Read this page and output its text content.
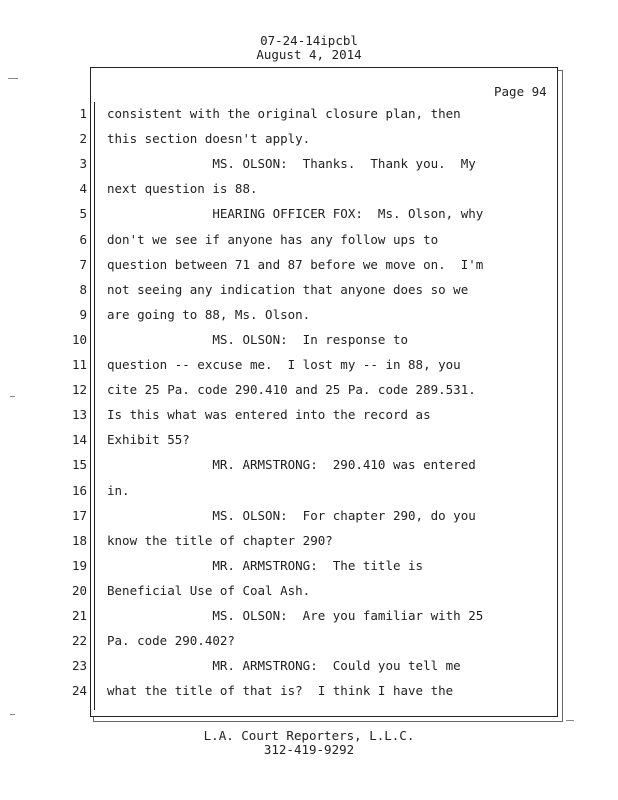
07-24-14ipcbl
August 4, 2014
Page 94
1 consistent with the original closure plan, then
2 this section doesn't apply.
3 MS. OLSON:  Thanks.  Thank you.  My
4 next question is 88.
5 HEARING OFFICER FOX:  Ms. Olson, why
6 don't we see if anyone has any follow ups to
7 question between 71 and 87 before we move on.  I'm
8 not seeing any indication that anyone does so we
9 are going to 88, Ms. Olson.
10 MS. OLSON:  In response to
11 question -- excuse me.  I lost my -- in 88, you
12 cite 25 Pa. code 290.410 and 25 Pa. code 289.531.
13 Is this what was entered into the record as
14 Exhibit 55?
15 MR. ARMSTRONG:  290.410 was entered
16 in.
17 MS. OLSON:  For chapter 290, do you
18 know the title of chapter 290?
19 MR. ARMSTRONG:  The title is
20 Beneficial Use of Coal Ash.
21 MS. OLSON:  Are you familiar with 25
22 Pa. code 290.402?
23 MR. ARMSTRONG:  Could you tell me
24 what the title of that is?  I think I have the
L.A. Court Reporters, L.L.C.
312-419-9292
